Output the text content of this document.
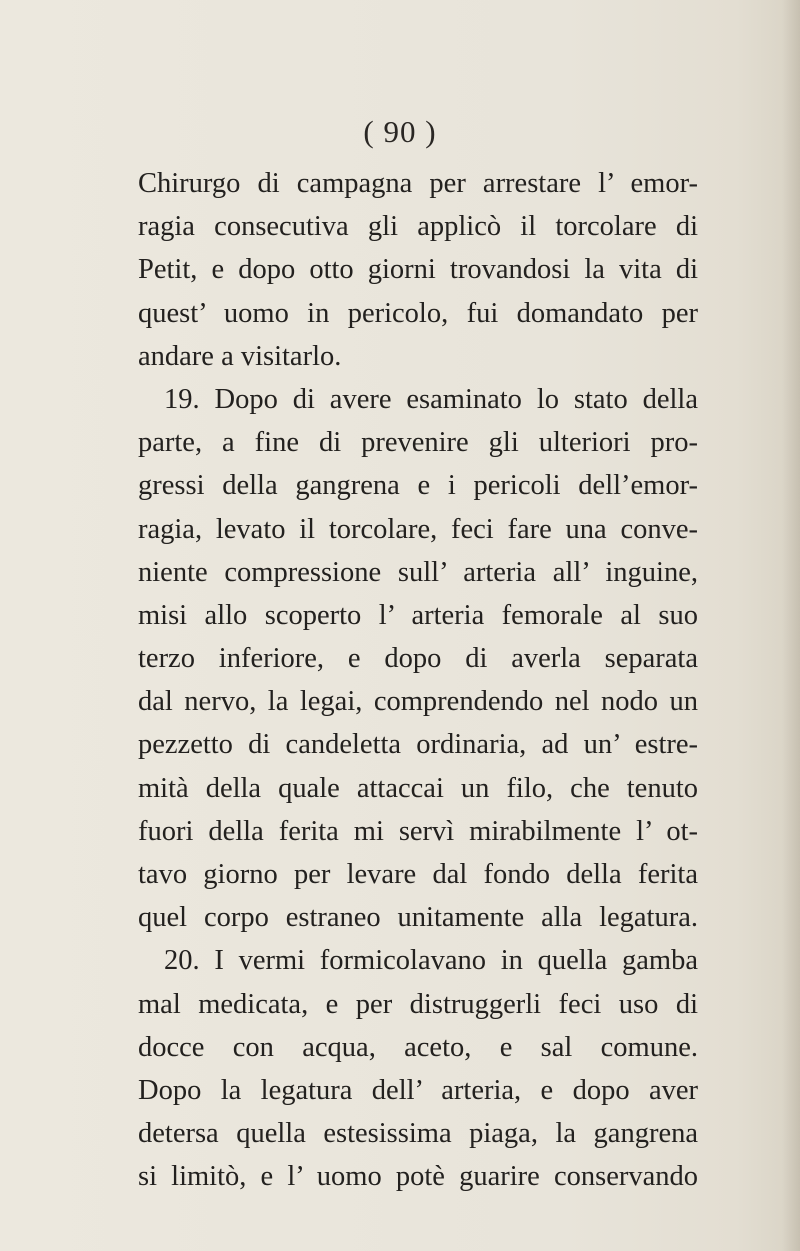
( 90 )
Chirurgo di campagna per arrestare l’ emor-
ragia consecutiva gli applicò il torcolare di
Petit, e dopo otto giorni trovandosi la vita di
quest’ uomo in pericolo, fui domandato per
andare a visitarlo.
19. Dopo di avere esaminato lo stato della
parte, a fine di prevenire gli ulteriori pro-
gressi della gangrena e i pericoli dell’emor-
ragia, levato il torcolare, feci fare una conve-
niente compressione sull’ arteria all’ inguine,
misi allo scoperto l’ arteria femorale al suo
terzo inferiore, e dopo di averla separata
dal nervo, la legai, comprendendo nel nodo un
pezzetto di candeletta ordinaria, ad un’ estre-
mità della quale attaccai un filo, che tenuto
fuori della ferita mi servì mirabilmente l’ ot-
tavo giorno per levare dal fondo della ferita
quel corpo estraneo unitamente alla legatura.
20. I vermi formicolavano in quella gamba
mal medicata, e per distruggerli feci uso di
docce con acqua, aceto, e sal comune.
Dopo la legatura dell’ arteria, e dopo aver
detersa quella estesissima piaga, la gangrena
si limitò, e l’ uomo potè guarire conservando
